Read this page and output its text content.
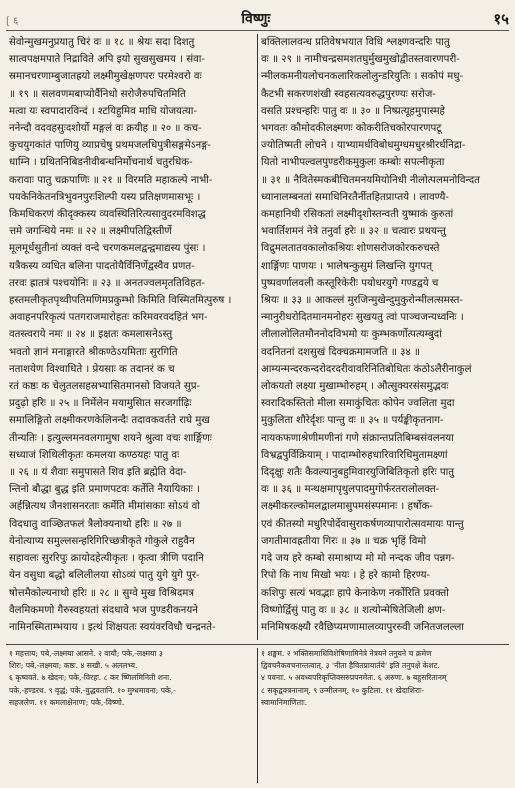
[ ६	विष्णुः	१५
सेवोन्मुखमनुप्रयातु चिरं वः ॥ १८ ॥ श्रेयः सदा दिशतु
सात्वपक्षमपाते निद्राविते अपि इयो सुखसुखमय । संवा-
स्रमानचरणाम्बुजातह्रयो लक्ष्मीमुखेक्षणपरः परमेश्वरो वः
॥ १९ ॥ सलवणमबाप्योर्वैनिधो सरोजैरुपचितमिति
मत्वा यः स्वपादारविन्दं । श्टयिहुमिव माधि योजयत्या-
ननेन्दौ वदवहसुःदशोर्यो मङ्गलं वः क्रयीह ॥ २० ॥ कच-
कुचयुगकांतं पाणियु व्याप्रचेषु प्रथमजलधिपुत्रीसङ्गमेऽनङ्ग-
धाम्नि । ग्रथितनिबिडनीवीबन्धनिर्मोचनार्थ चतुरधिक-
करावाः पातु चक्रपाणिः ॥ २१ ॥ विरमति महाकल्पे नाभी-
पयकेनिकेतनत्रिभुवनपुरःशिल्पी यस्य प्रतिक्षणमासभूः ।
किमधिकरणं कीदृक्कस्य व्यवस्थितिरित्यसावुदरमविशद्ध
त्तमे जगन्धिये नमः ॥ २२ ॥ लक्ष्मीपतिद्विस्तीर्णे
मूलमूर्धसुतीनां व्यक्तं वन्दे चरणकमलद्वन्द्वमाद्यस्य पुंसः ।
यत्रैकस्य व्यधित बलिना पादतोयैर्विनिर्णेद्वस्वैव प्रणत-
तरवः ह्रातत्रं पश्चयोनिः ॥ २३ ॥ अनतज्वलमृततिविहत-
हस्तमलीकृतपृथ्वीपतिमणिमप्रकुम्भो किमिति विस्मितमित्पुरुष ।
अवाहनपरिकृत्यं पतगराजमारोहतः करिमवरवदहितं भग-
वतस्त्वराये नमः ॥ २४ ॥ इक्षतः कमलासनेऽस्तु
भवतो ज्ञानं मनाङ्गारते श्रीकण्ठेऽयमिताः सुरगिति
नताशयेण विश्वाधिते । प्रेयसाः क तदानरं क च
रतं कष्ठः क चेलुतलसहस्रभ्यासितमानसो विजयते सुप्र-
प्रदुढ़ो हरिः ॥ २५ ॥ निर्मेलेन मयामुसाित सरजर्गाढ़िः
समालिङ्गितो लक्ष्मीकरणकेलिनन्दैः तदावकवर्तते राघे मुख
तीन्यतिः । इत्युल्लमनवलगामुषा शयने श्रुत्वा वचः शार्ङ्गिणः
सध्याजं शिथिलीकृतः कमलया कण्ठयहः पातु वः
॥ २६ ॥ यं शैवाः समुपासते शिव इति ब्रह्मेति वेदा-
न्तिनो बौद्धा बुद्ध इति प्रमाणपटवः कर्तेति नैयायिकाः ।
अर्हन्नित्यथ जैनशासनरताः कर्मेति मीमांसकाः सोऽयं वो
विदधातु वाञ्छितफलं त्रैलोक्यनाथो हरिः ॥ २७ ॥
येनोत्याप्य समुल्लसन्हरिगिरिच्छत्रीकृते गोकुले राहुवैन
सहावलः सुररिपुः क्रायोदहेत्यीकृतः । कृत्वा त्रीणि पदानि
येन वसुधा बद्धो बलिलीलया सोऽव्यं पातु युगे युगे पुर-
षोत्तमैकोल्यनाथो हरिः ॥ २८ ॥ सुग्वे मुख विश्रिदमत्र
वैलमिकमणो गैरुस्वहयतां संदधावे भज पुण्डरीकनयने
नामिनस्मिताम्भयाय । इत्थं शिक्षयतः स्वयंवरविधौ चन्द्रनते-
बक्तिलालवन्ध प्रतिवेषभयात विधि श्लक्ष्णवन्दरिः पातु
वः ॥ २९ ॥ नामीचन्द्रसमशतघुर्मुखमुखोद्वीतस्तवारणपरी-
न्मीलकमनीयलोचनकलारिकलोलुन्डरियुतिः । सकोपं मधु-
कैटभी सकरणशंखी स्वहसत्यवरुद्धपुरण्यः सरोज-
वसति प्रश्चन्हरिः पातु वः ॥ ३० ॥ निष्प्रत्यूहमुपास्महे
भगवतः कौमोदकीलक्ष्मणः कोकरीतिचकोरपारणपटू
ज्योतिष्मती लोचने । याभ्यामर्धविबोधमुग्धमधुरश्रीरर्धनिद्रा-
यितो नाभीपल्वलपुण्डरीकमुकुलः कम्बोः सपत्नीकृता
॥ ३१ ॥ नैवितेस्मकबीचितमनयमियोनिधी नीलोत्पलमनोविन्दत
ध्यानालम्बनतां समाधिनिरतैर्नीतहितप्राप्तये । लावण्यै-
कमहानिधी रसिकतां लक्ष्मीदृशोस्तन्वती युष्माकं कुरुतां
भवार्तिशमनं नेत्रे तनुर्वा हरेः ॥ ३२ ॥ चत्वारः प्रथयन्तु
विद्रुमलतातवकालोकश्रियः शोणसरोजकोरकरुचस्ते
शार्ङ्गिणः पाणयः । भालेषन्कुसुमं लिखन्ति युगपत्
पुष्पवर्णालवली कस्तूरिकेरीः पयोधरयुगे गण्डद्वये च
श्रियः ॥ ३३ ॥ आकल्लं मुरजिन्मुखेन्दुमुकुरोन्मीलत्समस्त-
न्मानुरीधरोदितमानमनोहरः सुखयतु त्वां पाञ्चजन्यध्वनिः ।
लीलालोलितमौननोदविभमो यः कुम्भकर्णोत्पत्यम्बुदां
वदनितनां दशसुखं दिक्चक्रमामजति ॥ ३४ ॥
आम्यन्मन्दरकन्दरोदरदरीवावरिनितिबोधितः कंठोऽलैरीनाकुलं
लोकयतो लक्ष्या मुखाम्भोरुहम् । औत्सुक्यरसंसमुद्भवः
स्वरादिकस्तितो मीला समाकुंचितः कोपेन ज्वलिता मुदा
मुकुलिता शौरेर्दृशः पान्तु वः ॥ ३५ ॥ पर्यङ्कीकृतनाग-
नायकफणाश्रेणीमणीनां गणे संक्रान्तप्रतिबिम्बसंवलनया
विभ्रद्वपुर्विक्रियाम् । पादाम्भोरुहधारिवारिधिमुतामक्ष्णां
दिदृक्षुः शतैः कैवल्यानुबहुमिवारयुजिबितिकृतो हरिः पातु
वः ॥ ३६ ॥ मन्थक्षमापृथुलपादमुगोर्फरतरालोलक्त-
लक्ष्मीकरल्कोमलद्वालमासुपमसंस्पमानः । हर्षोक-
एवं कीतस्यो मधुरिपोर्देवासुराकर्षणव्यापारोत्सवमायः पान्तु
जगतीमावह्रतीया गिरः ॥ ३७ ॥ चक्र भृहिं विमो
गदे जय हरे कम्बो समाश्राप्य मो मो नन्दक जीव पन्नग-
रिपो कि नाथ मिखो भयः । हे हरे कामो हिरण्य-
कशिपुः सत्यं भवद्भाः हापे केनाकेण नर्कोरिति प्रवक्तो
विष्णोर्द्विसुं पातु वः ॥ ३८ ॥ शत्योन्मेषितेजिली क्षण-
मनिमिषकक्ष्यौ रवैछिप्यमणामालव्यापुरस्र्वी जनितजलल्ला
१ महत्ताय; पबे,-लक्ष्मया आसने. २ वायौ; पके,-लक्ष्मया ३
शिरः; पबे,-लक्ष्मया; कष्ठः. ४ सखी. ५ अललभ्य.
६ कृष्ववते. ७ खेदनः; पके,-विरहः. ८ कर ष्णिलमिनिती शना.
पके,-हण्डरथ. ९ वृद्धं; पके,-वुद्धवतानि. १० मुग्धमावना; पके,-
सहजलेण. ११ कमलाक्षेनाणः; पके,-विष्णो.
१ शङ्खम. २ भक्तिसमाधिविशेषिणामिनेत्रे नेत्रयने तनुयने च क्रमेण
द्विवचनैकवचनान्तत्वात्. ३ 'नीता हैवितप्रायार्तये' इति तनुपक्षे केशट.
४ पवनाः. ५ अवध्यपरिकृप्तिवसरुप्रपनमेतः. ६ अरुणः. ७ बहुसरितानम्
८ सकृद्वक्त्रनानाम्. ९ उन्मीलनम्. १० कुटिला. ११ खेदाशिराः-
स्वामानिमाणिताः.
